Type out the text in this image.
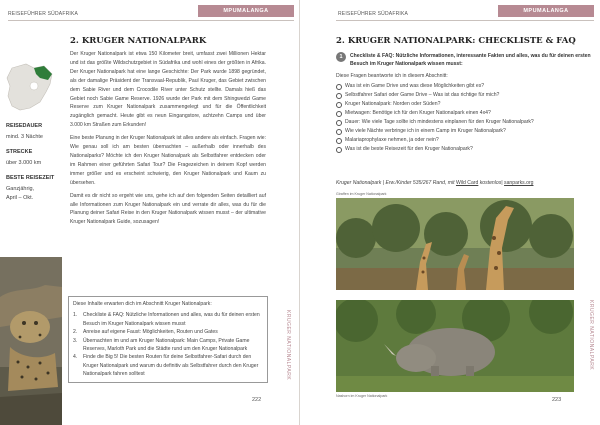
REISEFÜHRER SÜDAFRIKA	MPUMALANGA
REISEDAUER
mind. 3 Nächte
STRECKE
über 3.000 km
BESTE REISEZEIT
Ganzjährig,
April – Okt.
2. KRUGER NATIONALPARK

Der Kruger Nationalpark ist etwa 150 Kilometer breit, umfasst zwei Millionen Hektar und ist das größte Wildschutzgebiet in Südafrika und wohl eines der größten in Afrika. Der Kruger Nationalpark hat eine lange Geschichte: Der Park wurde 1898 gegründet, als der damalige Präsident der Transvaal-Republik, Paul Kruger, das Gebiet zwischen dem Sabie River und dem Crocodile River unter Schutz stellte. Damals hieß das Gebiet noch Sabie Game Reserve. 1926 wurde der Park mit dem Shingwedzi Game Reserve zum Kruger Nationalpark zusammengelegt und für die Öffentlichkeit zugänglich gemacht. Heute gibt es neun Eingangstore, achtzehn Camps und über 3.000 km Straßen zum Erkunden!

Eine beste Planung in der Kruger Nationalpark ist alles andere als einfach. Fragen wie: Wie genau soll ich am besten übernachten – außerhalb oder innerhalb des Nationalparks? Möchte ich den Kruger Nationalpark als Selbstfahrer entdecken oder im Rahmen einer geführten Safari Tour? Die Fragezeichen in deinem Kopf werden immer größer und es erscheint schwierig, den Kruger Nationalpark und Kaum zu übersehen.

Damit es dir nicht so ergeht wie uns, gehe ich auf den folgenden Seiten detailliert auf alle Informationen zum Kruger Nationalpark ein und verrate dir alles, was du für die Planung deiner Safari Reise in den Kruger Nationalpark wissen musst – der ultimative Kruger Nationalpark Guide, sozusagen!

Diese Inhalte erwarten dich im Abschnitt Kruger Nationalpark:
1.	Checkliste & FAQ: Nützliche Informationen und alles, was du für deinen ersten Besuch im Kruger Nationalpark wissen musst
2.	Anreise auf eigene Faust: Möglichkeiten, Routen und Gates
3.	Übernachten im und am Kruger Nationalpark: Main Camps, Private Game Reserves, Marloth Park und die Städte rund um den Kruger Nationalpark
4.	Finde die Big 5! Die besten Routen für deine Selbstfahrer-Safari durch den Kruger Nationalpark und warum du definitiv als Selbstfahrer durch den Kruger Nationalpark fahren solltest	KRUGER NATIONALPARK
222
REISEFÜHRER SÜDAFRIKA	MPUMALANGA
2. KRUGER NATIONALPARK: CHECKLISTE & FAQ
1	Checkliste & FAQ: Nützliche Informationen, interessante Fakten und alles, was du für deinen ersten Besuch im Kruger Nationalpark wissen musst:
Diese Fragen beantworte ich in diesem Abschnitt:
Was ist ein Game Drive und was diese Möglichkeiten gibt es?
Selbstfahrer Safari oder Game Drive – Was ist das richtige für mich?
Kruger Nationalpark: Norden oder Süden?
Mietwagen: Benötige ich für den Kruger Nationalpark einen 4x4?
Dauer: Wie viele Tage sollte ich mindestens einplanen für den Kruger Nationalpark?
Wie viele Nächte verbringe ich in einem Camp im Kruger Nationalpark?
Malariaprophylaxe nehmen, ja oder nein?
Was ist die beste Reisezeit für den Kruger Nationalpark?
Kruger Nationalpark | Erw./Kinder 535/267 Rand, mit Wild Card kostenlos| sanparks.org
Giraffen im Kruger Nationalpark
Nashorn im Kruger Nationalpark
KRUGER NATIONALPARK
223
